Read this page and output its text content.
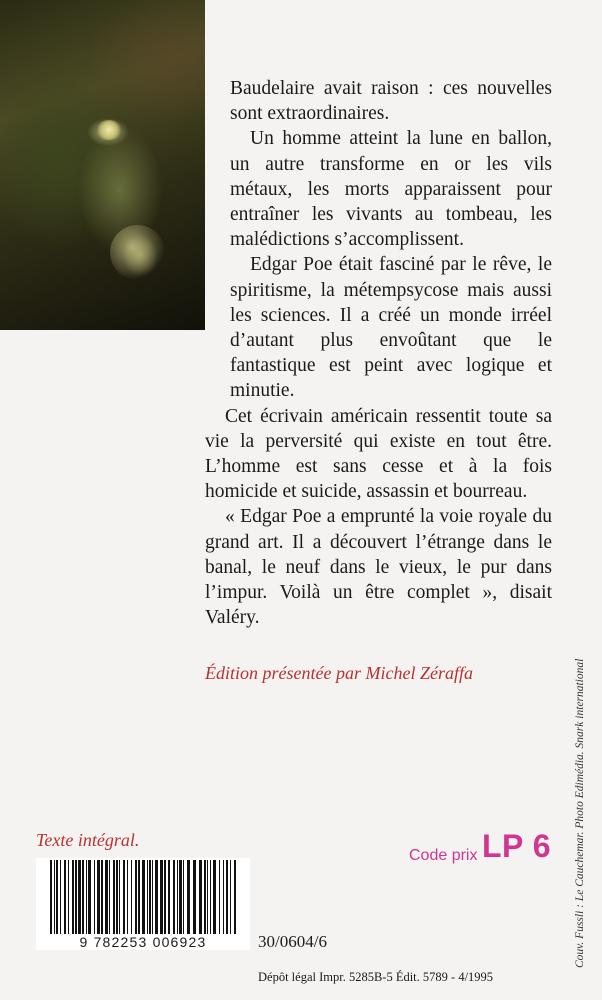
Baudelaire avait raison : ces nouvelles sont extraordinaires.

Un homme atteint la lune en ballon, un autre transforme en or les vils métaux, les morts apparaissent pour entraîner les vivants au tombeau, les malédictions s’accomplissent.

Edgar Poe était fasciné par le rêve, le spiritisme, la métempsycose mais aussi les sciences. Il a créé un monde irréel d’autant plus envoûtant que le fantastique est peint avec logique et minutie.

Cet écrivain américain ressentit toute sa vie la perversité qui existe en tout être. L’homme est sans cesse et à la fois homicide et suicide, assassin et bourreau.

« Edgar Poe a emprunté la voie royale du grand art. Il a découvert l’étrange dans le banal, le neuf dans le vieux, le pur dans l’impur. Voilà un être complet », disait Valéry.

Édition présentée par Michel Zéraffa
Texte intégral.
9 782253 006923
Code prix LP 6
30/0604/6
Dépôt légal Impr. 5285B-5 Édit. 5789 - 4/1995
Couv. Fussli : Le Cauchemar. Photo Edimédia. Snark international
